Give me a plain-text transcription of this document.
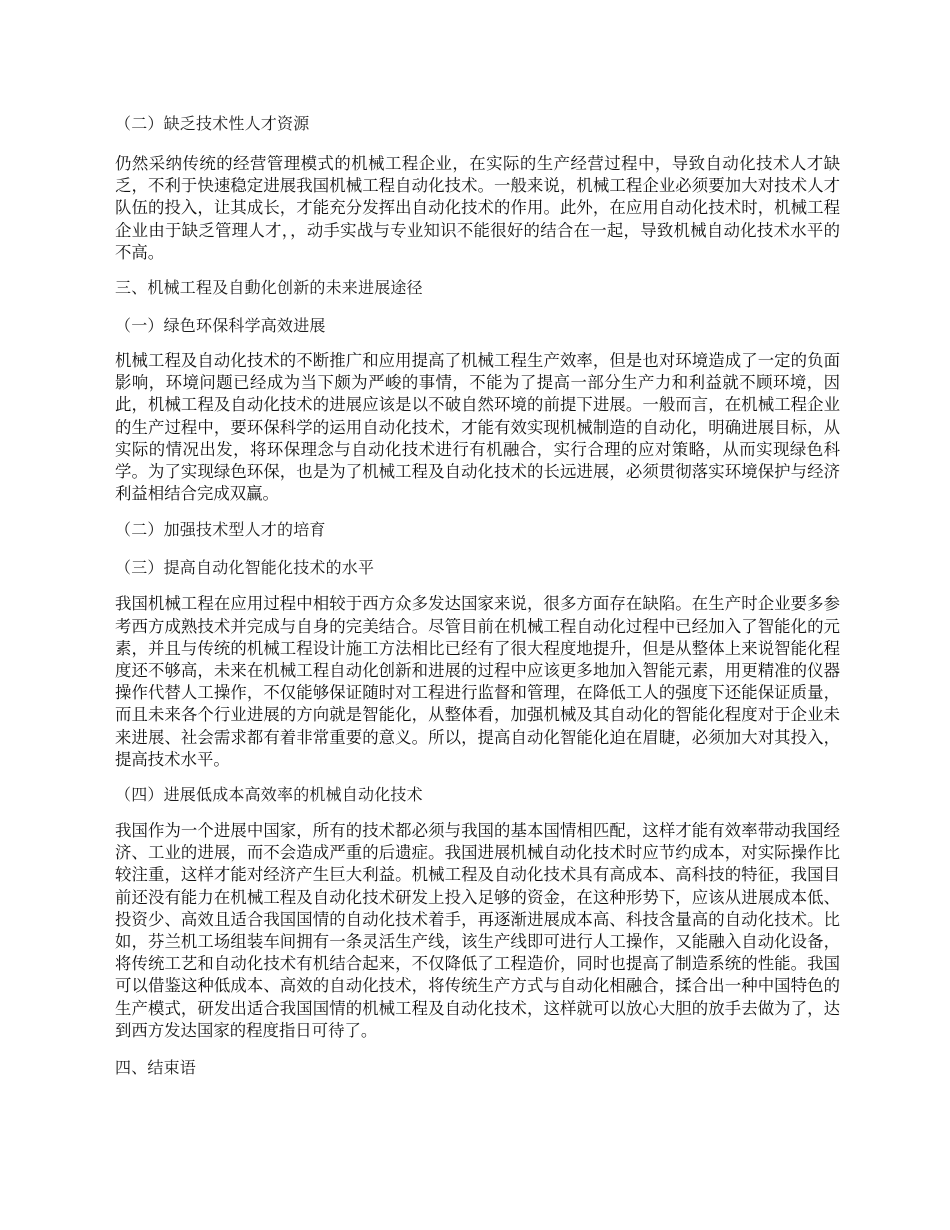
（二）缺乏技术性人才资源

仍然采纳传统的经营管理模式的机械工程企业，在实际的生产经营过程中，导致自动化技术人才缺乏，不利于快速稳定进展我国机械工程自动化技术。一般来说，机械工程企业必须要加大对技术人才队伍的投入，让其成长，才能充分发挥出自动化技术的作用。此外，在应用自动化技术时，机械工程企业由于缺乏管理人才，，动手实战与专业知识不能很好的结合在一起，导致机械自动化技术水平的不高。

三、机械工程及自動化创新的未来进展途径

（一）绿色环保科学高效进展

机械工程及自动化技术的不断推广和应用提高了机械工程生产效率，但是也对环境造成了一定的负面影响，环境问题已经成为当下颇为严峻的事情，不能为了提高一部分生产力和利益就不顾环境，因此，机械工程及自动化技术的进展应该是以不破自然环境的前提下进展。一般而言，在机械工程企业的生产过程中，要环保科学的运用自动化技术，才能有效实现机械制造的自动化，明确进展目标，从实际的情况出发，将环保理念与自动化技术进行有机融合，实行合理的应对策略，从而实现绿色科学。为了实现绿色环保，也是为了机械工程及自动化技术的长远进展，必须贯彻落实环境保护与经济利益相结合完成双赢。

（二）加强技术型人才的培育

（三）提高自动化智能化技术的水平

我国机械工程在应用过程中相较于西方众多发达国家来说，很多方面存在缺陷。在生产时企业要多参考西方成熟技术并完成与自身的完美结合。尽管目前在机械工程自动化过程中已经加入了智能化的元素，并且与传统的机械工程设计施工方法相比已经有了很大程度地提升，但是从整体上来说智能化程度还不够高，未来在机械工程自动化创新和进展的过程中应该更多地加入智能元素，用更精准的仪器操作代替人工操作，不仅能够保证随时对工程进行监督和管理，在降低工人的强度下还能保证质量，而且未来各个行业进展的方向就是智能化，从整体看，加强机械及其自动化的智能化程度对于企业未来进展、社会需求都有着非常重要的意义。所以，提高自动化智能化迫在眉睫，必须加大对其投入，提高技术水平。

（四）进展低成本高效率的机械自动化技术

我国作为一个进展中国家，所有的技术都必须与我国的基本国情相匹配，这样才能有效率带动我国经济、工业的进展，而不会造成严重的后遗症。我国进展机械自动化技术时应节约成本，对实际操作比较注重，这样才能对经济产生巨大利益。机械工程及自动化技术具有高成本、高科技的特征，我国目前还没有能力在机械工程及自动化技术研发上投入足够的资金，在这种形势下，应该从进展成本低、投资少、高效且适合我国国情的自动化技术着手，再逐渐进展成本高、科技含量高的自动化技术。比如，芬兰机工场组装车间拥有一条灵活生产线，该生产线即可进行人工操作，又能融入自动化设备，将传统工艺和自动化技术有机结合起来，不仅降低了工程造价，同时也提高了制造系统的性能。我国可以借鉴这种低成本、高效的自动化技术，将传统生产方式与自动化相融合，揉合出一种中国特色的生产模式，研发出适合我国国情的机械工程及自动化技术，这样就可以放心大胆的放手去做为了，达到西方发达国家的程度指日可待了。

四、结束语
